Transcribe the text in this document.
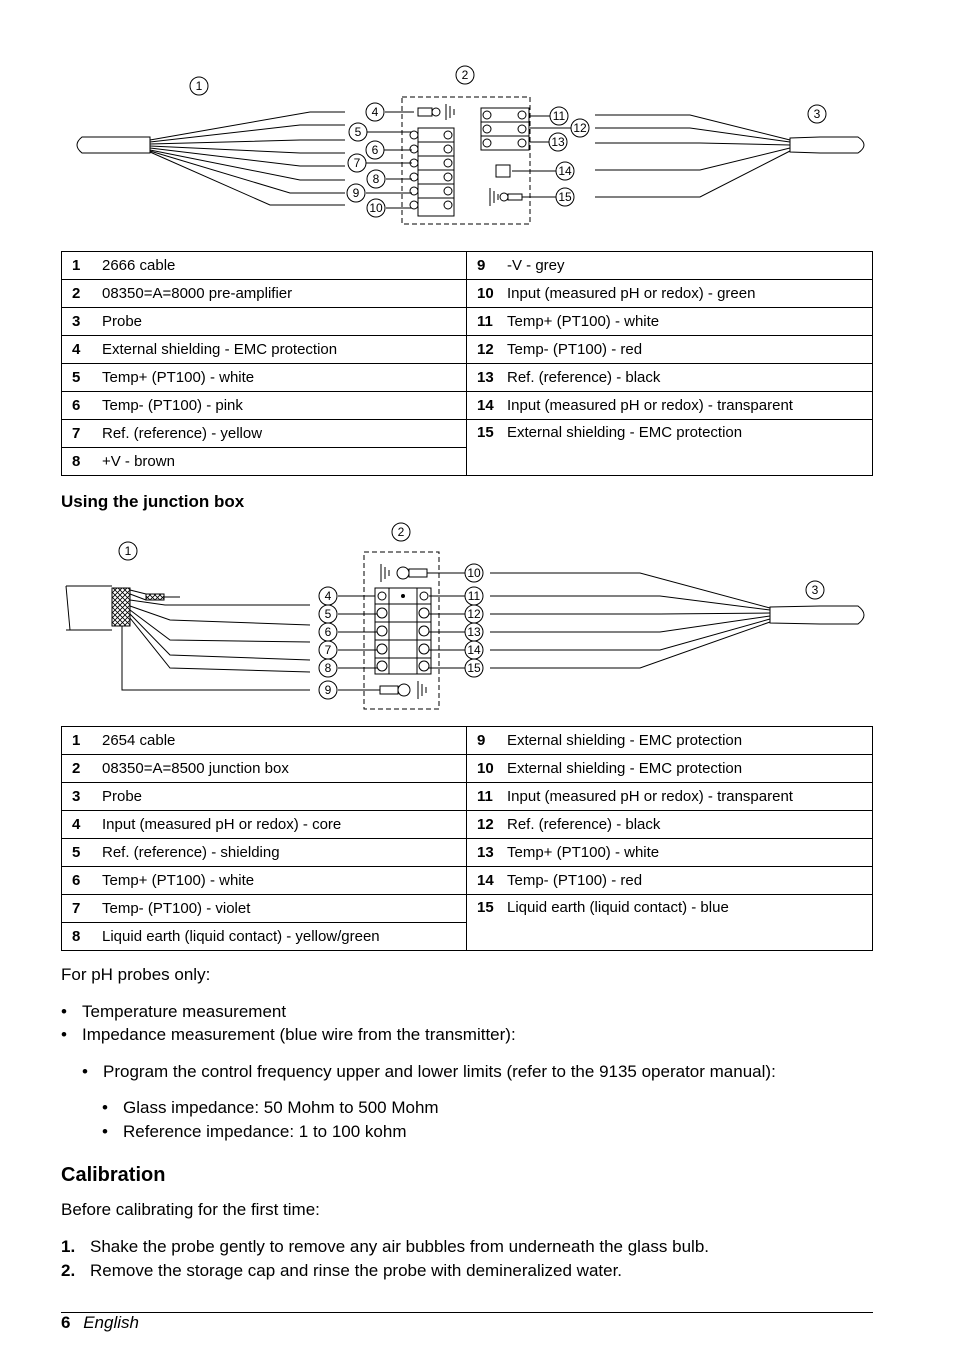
1
2
3
4
5
6
7
8
9
10
11
12
13
14
15
1 2666 cable	9 -V - grey
2 08350=A=8000 pre-amplifier	10 Input (measured pH or redox) - green
3 Probe	11 Temp+ (PT100) - white
4 External shielding - EMC protection	12 Temp- (PT100) - red
5 Temp+ (PT100) - white	13 Ref. (reference) - black
6 Temp- (PT100) - pink	14 Input (measured pH or redox) - transparent
7 Ref. (reference) - yellow	15 External shielding - EMC protection
8 +V - brown	
Using the junction box
1
2
3
4
5
6
7
8
9
10
11
12
13
14
15
1 2654 cable	9 External shielding - EMC protection
2 08350=A=8500 junction box	10 External shielding - EMC protection
3 Probe	11 Input (measured pH or redox) - transparent
4 Input (measured pH or redox) - core	12 Ref. (reference) - black
5 Ref. (reference) - shielding	13 Temp+ (PT100) - white
6 Temp+ (PT100) - white	14 Temp- (PT100) - red
7 Temp- (PT100) - violet	15 Liquid earth (liquid contact) - blue
8 Liquid earth (liquid contact) - yellow/green	
For pH probes only:
• Temperature measurement
• Impedance measurement (blue wire from the transmitter):
• Program the control frequency upper and lower limits (refer to the 9135 operator manual):
• Glass impedance: 50 Mohm to 500 Mohm
• Reference impedance: 1 to 100 kohm
Calibration
Before calibrating for the first time:
1. Shake the probe gently to remove any air bubbles from underneath the glass bulb.
2. Remove the storage cap and rinse the probe with demineralized water.
6 English
